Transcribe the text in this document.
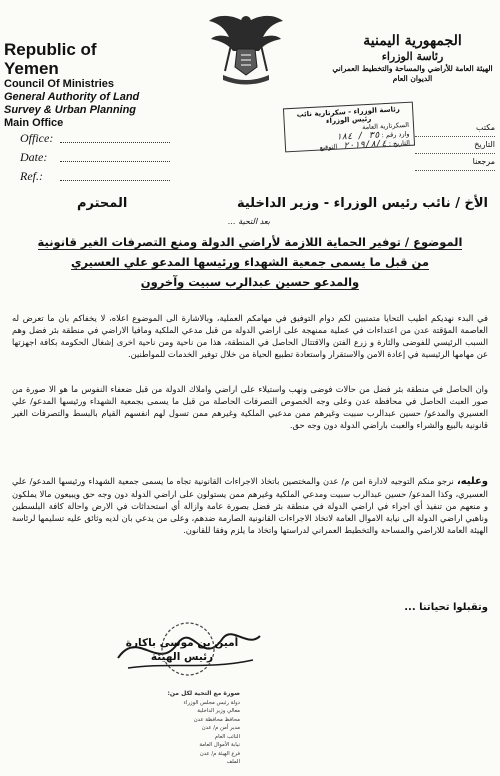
Republic of Yemen

Council Of Ministries

General Authority of Land

Survey & Urban Planning

Main Office

الجمهورية اليمنية
رئاسة الوزراء
الهيئة العامة للأراضي والمساحة والتخطيط العمراني
الديوان العام
Office:
Date:
Ref.:
مكتب
التاريخ
مرجعنا
رئاسة الوزراء - سكرتارية نائب رئيس الوزراء
السكرتارية العامة
وارد رقم : ٣٥ / ١٨٤
التاريخ : ٢٠١٩/٨/٤   التوقيع
الأخ / نائب رئيس الوزراء - وزير الداخلية
المحترم
بعد التحية ...
الموضوع / توفير الحماية اللازمة لأراضي الدولة ومنع التصرفات الغير قانونية
من قبل ما يسمى جمعية الشهداء ورئيسها المدعو علي العسيري
والمدعو حسين عبدالرب سبيت وآخرون
في البدء نهديكم اطيب التحايا متمنيين لكم دوام التوفيق في مهامكم العملية، وبالاشارة الى الموضوع اعلاه، لا يخفاكم بان ما تعرض له العاصمة المؤقتة عدن من اعتداءات في عملية ممنهجة على اراضي الدولة من قبل مدعي الملكية ومافيا الاراضي في منطقة بئر فضل وهم السبب الرئيسي للفوضى والثارة و زرع الفتن والاقتتال الحاصل في المنطقة، هذا من ناحية ومن ناحية اخرى إشغال الحكومة بكافة اجهزتها عن مهامها الرئيسية في إعادة الامن والاستقرار واستعادة تطبيع الحياة من خلال توفير الخدمات للمواطنين.
وان الحاصل في منطقة بئر فضل من حالات فوضى ونهب واستيلاء على اراضي واملاك الدولة من قبل ضعفاء النفوس ما هو الا صورة من صور العبث الحاصل في محافظة عدن وعلى وجه الخصوص التصرفات الحاصلة من قبل ما يسمى بجمعية الشهداء ورئيسها المدعو/ علي العسيري والمدعو/ حسين عبدالرب سبيت وغيرهم ممن مدعيي الملكية وغيرهم ممن تسول لهم انفسهم القيام بالبسط والتصرفات الغير قانونية بالبيع والشراء والعبث باراضي الدولة دون وجه حق.
وعليه، نرجو منكم التوجيه لادارة امن م/ عدن والمختصين باتخاذ الاجراءات القانونية تجاه ما يسمى جمعية الشهداء ورئيسها المدعو/ علي العسيري، وكذا المدعو/ حسين عبدالرب سبيت ومدعي الملكية وغيرهم ممن يستولون على اراضي الدولة دون وجه حق ويبيعون مالا يملكون و منعهم من تنفيذ أي اجراء في اراضي الدولة في منطقة بئر فضل بصورة عامة وازالة أي استحداثات في الارض واحالة كافة البلسطين وناهبي اراضي الدولة الى نيابة الاموال العامة لاتخاذ الاجراءات القانونية الصارمة ضدهم، وعلى من يدعي بان لديه وثائق عليه تسليمها لرئاسة الهيئة العامة للاراضي والمساحة والتخطيط العمراني لدراستها واتخاذ ما يلزم وفقا للقانون.
وتقبلوا تحياتنا ...
أمين بن موسى باكارة
رئيس الهيئة
صورة مع التحية لكل من:
دولة رئيس مجلس الوزراء
معالي وزير الداخلية
محافظ محافظة عدن
مدير أمن م/ عدن
النائب العام
نيابة الأموال العامة
فرع الهيئة م/ عدن
الملف
